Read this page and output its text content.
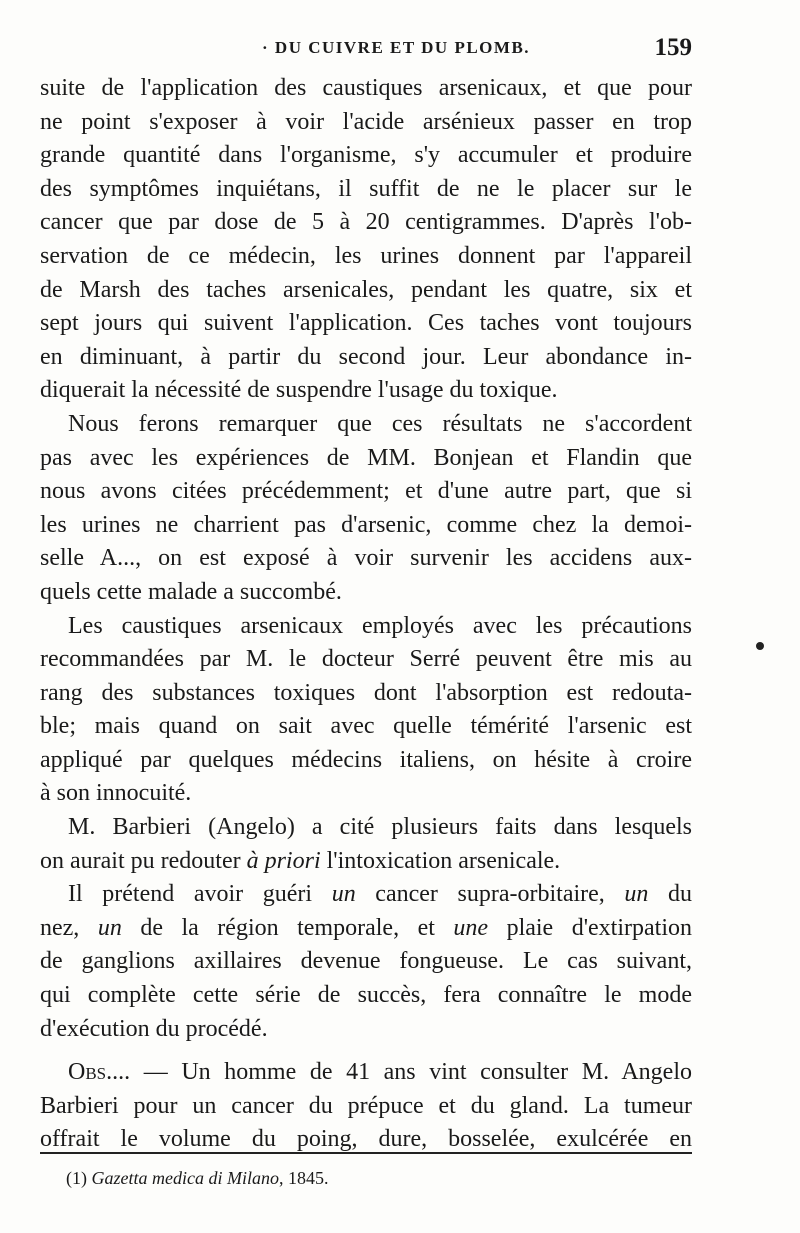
· DU CUIVRE ET DU PLOMB.	159
suite de l'application des caustiques arsenicaux, et que pour
ne point s'exposer à voir l'acide arsénieux passer en trop
grande quantité dans l'organisme, s'y accumuler et produire
des symptômes inquiétans, il suffit de ne le placer sur le
cancer que par dose de 5 à 20 centigrammes. D'après l'ob-
servation de ce médecin, les urines donnent par l'appareil
de Marsh des taches arsenicales, pendant les quatre, six et
sept jours qui suivent l'application. Ces taches vont toujours
en diminuant, à partir du second jour. Leur abondance in-
diquerait la nécessité de suspendre l'usage du toxique.
Nous ferons remarquer que ces résultats ne s'accordent
pas avec les expériences de MM. Bonjean et Flandin que
nous avons citées précédemment; et d'une autre part, que si
les urines ne charrient pas d'arsenic, comme chez la demoi-
selle A..., on est exposé à voir survenir les accidens aux-
quels cette malade a succombé.
Les caustiques arsenicaux employés avec les précautions
recommandées par M. le docteur Serré peuvent être mis au
rang des substances toxiques dont l'absorption est redouta-
ble; mais quand on sait avec quelle témérité l'arsenic est
appliqué par quelques médecins italiens, on hésite à croire
à son innocuité.
M. Barbieri (Angelo) a cité plusieurs faits dans lesquels
on aurait pu redouter à priori l'intoxication arsenicale.
Il prétend avoir guéri un cancer supra-orbitaire, un du
nez, un de la région temporale, et une plaie d'extirpation
de ganglions axillaires devenue fongueuse. Le cas suivant,
qui complète cette série de succès, fera connaître le mode
d'exécution du procédé.
Obs.... — Un homme de 41 ans vint consulter M. Angelo
Barbieri pour un cancer du prépuce et du gland. La tumeur
offrait le volume du poing, dure, bosselée, exulcérée en
(1) Gazetta medica di Milano, 1845.
